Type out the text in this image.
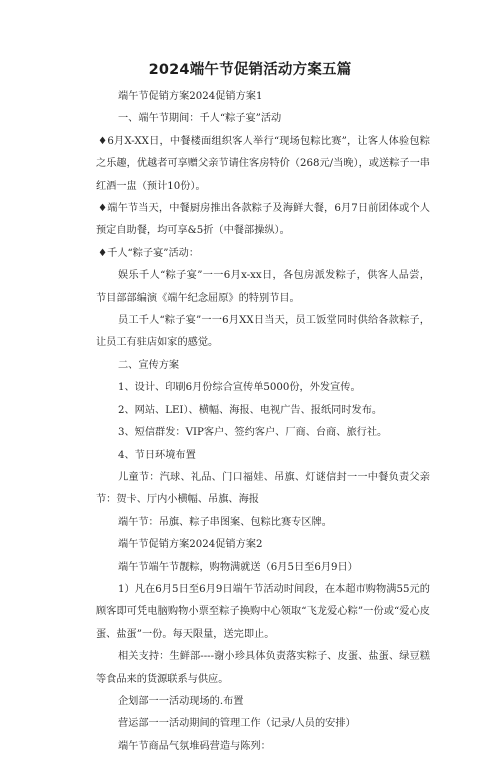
2024端午节促销活动方案五篇

端午节促销方案2024促销方案1

一、端午节期间：千人“粽子宴”活动

♦6月X-XX日，中餐楼面组织客人举行“现场包粽比赛”，让客人体验包粽之乐趣，优越者可享赠父亲节请住客房特价（268元/当晚），或送粽子一串红酒一盅（预计10份）。

♦端午节当天，中餐厨房推出各款粽子及海鲜大餐，6月7日前团体或个人预定自助餐，均可享&5折（中餐部操纵）。

♦千人“粽子宴”活动：

娱乐千人“粽子宴”一一6月x-xx日，各包房派发粽子，供客人品尝，节目部部编演《端午纪念屈原》的特别节目。

员工千人“粽子宴”一一6月XX日当天，员工饭堂同时供给各款粽子，让员工有驻店如家的感觉。

二、宣传方案

1、设计、印刷6月份综合宣传单5000份，外发宣传。

2、网站、LEI）、横幅、海报、电视广告、报纸同时发布。

3、短信群发：VIP客户、签约客户、厂商、台商、旅行社。

4、节日环境布置

儿童节：汽球、礼品、门口福娃、吊旗、灯谜信封一一中餐负责父亲节：贺卡、厅内小横幅、吊旗、海报

端午节：吊旗、粽子串图案、包粽比赛专区牌。

端午节促销方案2024促销方案2

端午节端午节靓粽，购物满就送（6月5日至6月9日）

1）凡在6月5日至6月9日端午节活动时间段，在本超市购物满55元的顾客即可凭电脑购物小票至粽子换购中心领取“飞龙爱心粽”一份或“爱心皮蛋、盐蛋”一份。每天限量，送完即止。

相关支持：生鲜部----谢小珍具体负责落实粽子、皮蛋、盐蛋、绿豆糕等食品来的货源联系与供应。

企划部一一活动现场的.布置

营运部一一活动期间的管理工作（记录/人员的安排）

端午节商品气氛堆码营造与陈列：
